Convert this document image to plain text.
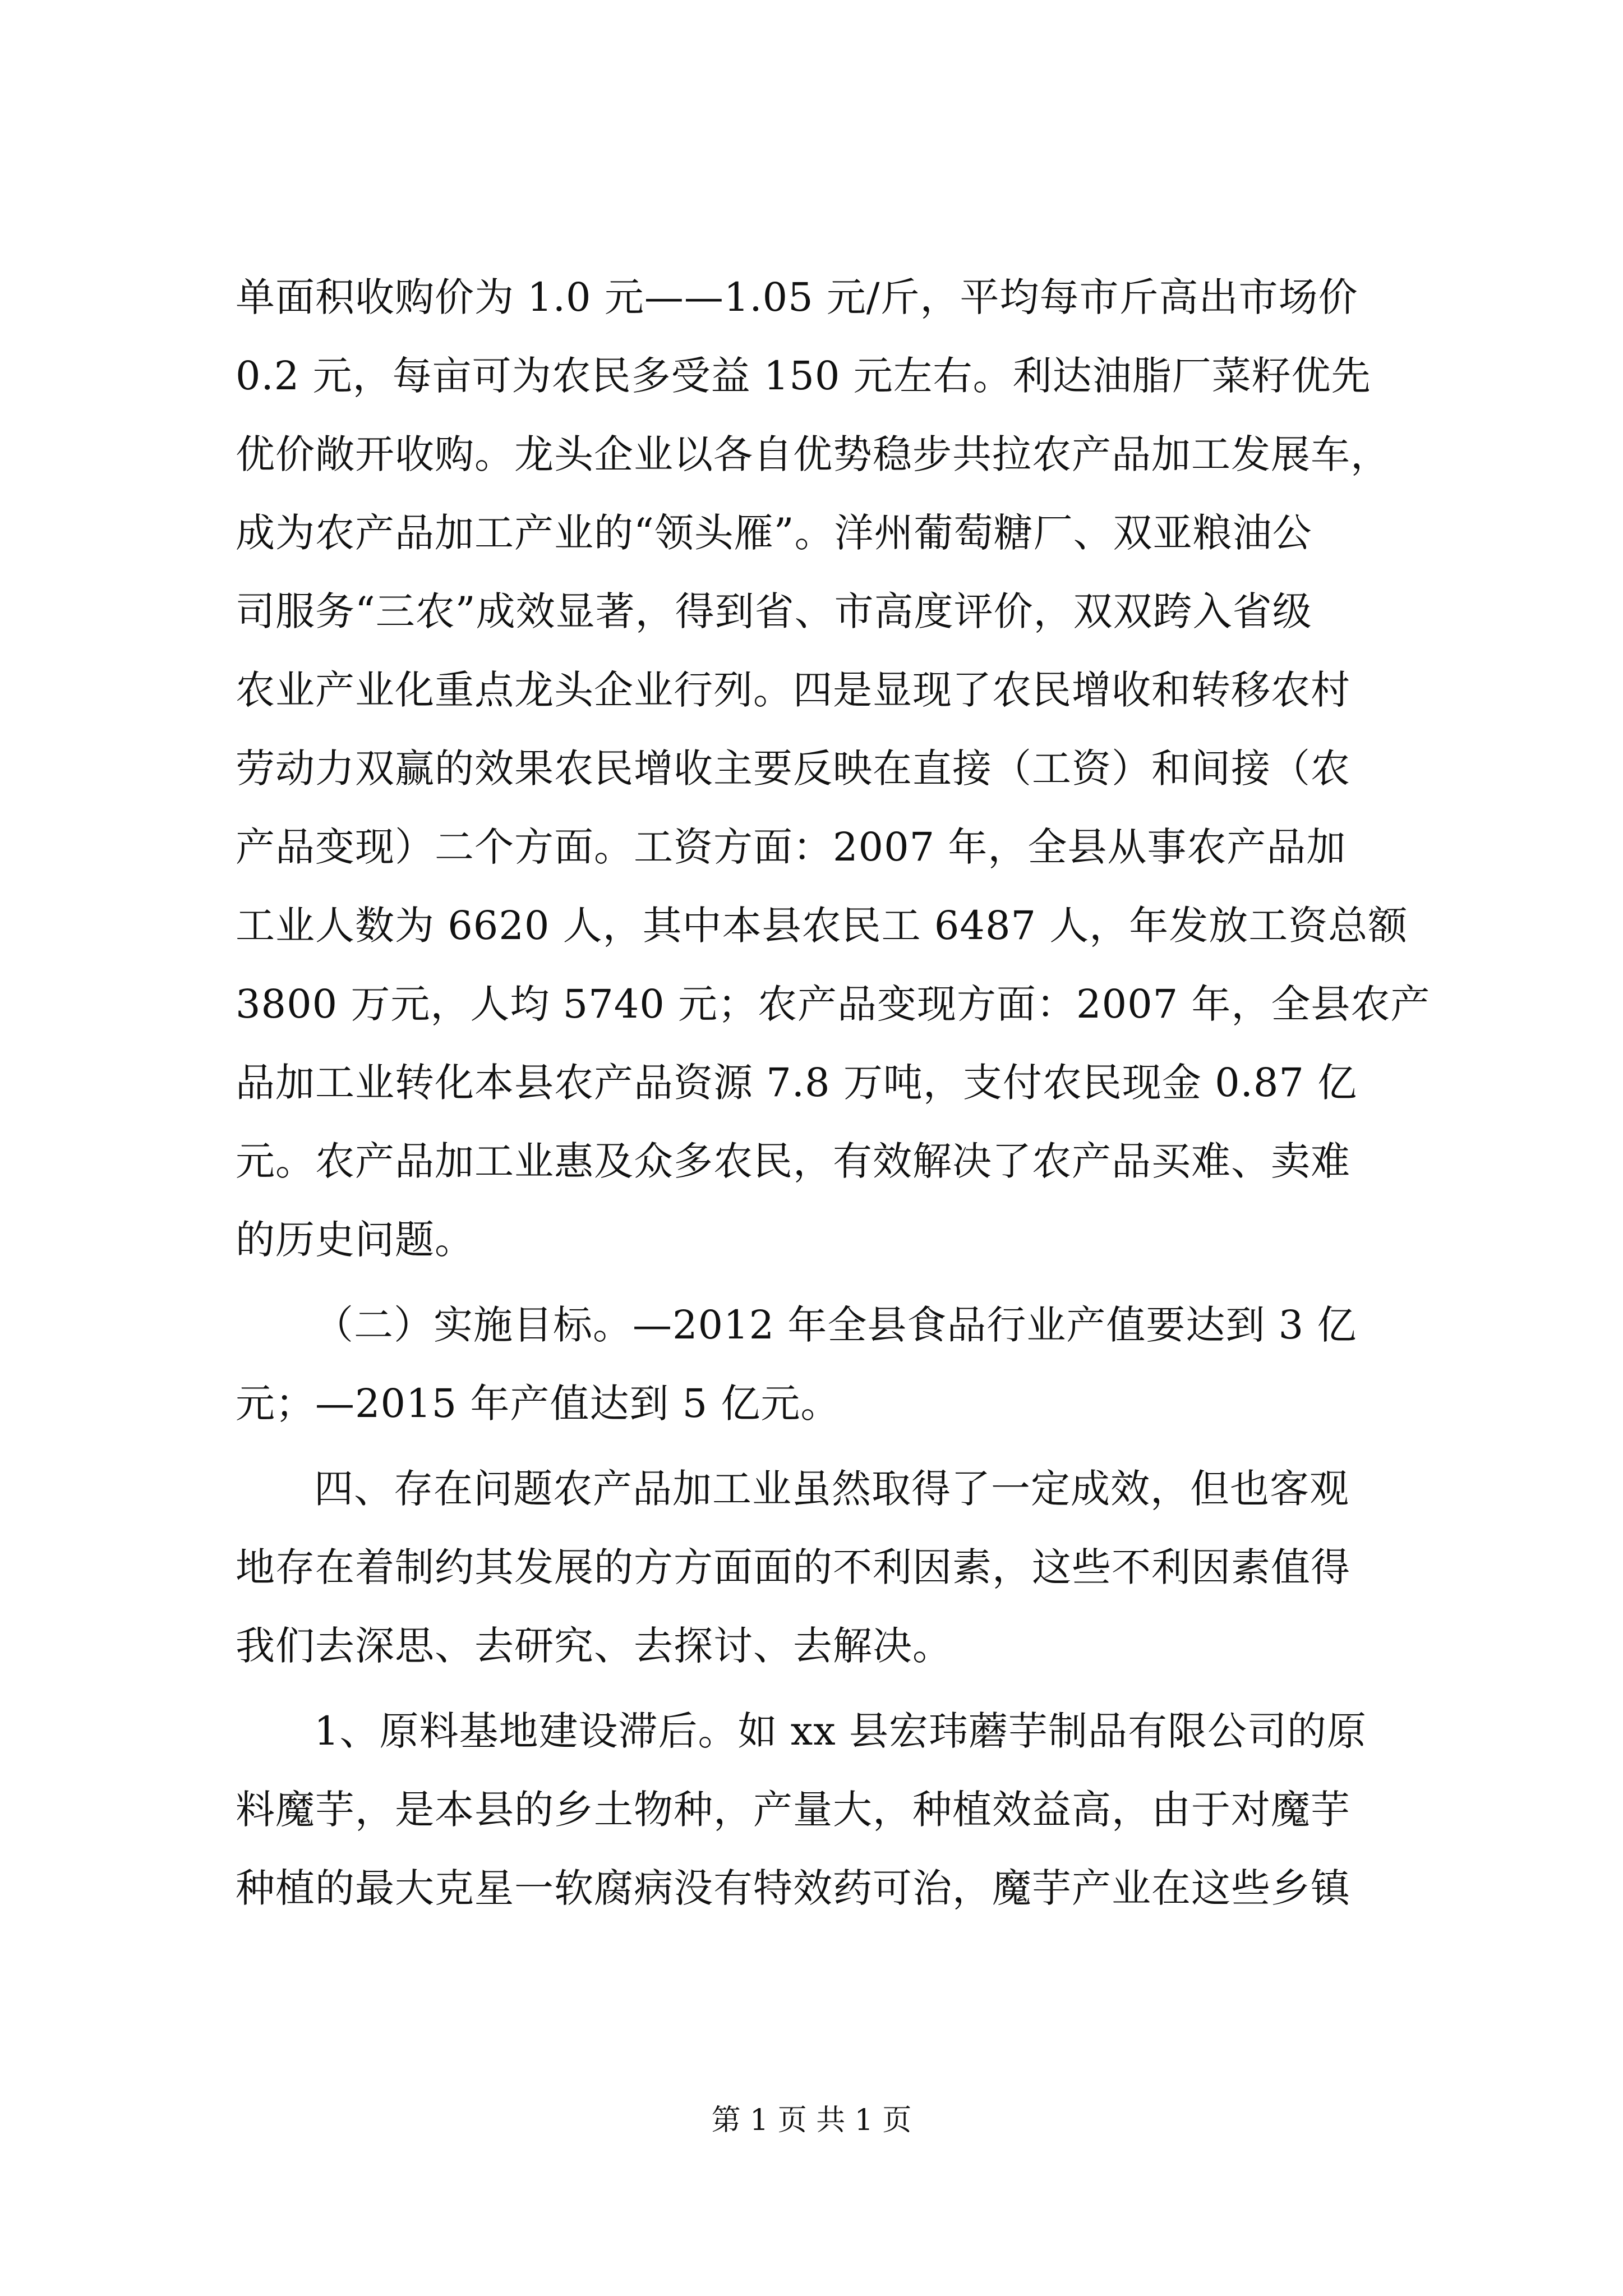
单面积收购价为 1.0 元——1.05 元/斤，平均每市斤高出市场价
0.2 元，每亩可为农民多受益 150 元左右。利达油脂厂菜籽优先
优价敞开收购。龙头企业以各自优势稳步共拉农产品加工发展车，
成为农产品加工产业的“领头雁”。洋州葡萄糖厂、双亚粮油公
司服务“三农”成效显著，得到省、市高度评价，双双跨入省级
农业产业化重点龙头企业行列。四是显现了农民增收和转移农村
劳动力双赢的效果农民增收主要反映在直接（工资）和间接（农
产品变现）二个方面。工资方面：2007 年，全县从事农产品加
工业人数为 6620 人，其中本县农民工 6487 人，年发放工资总额
3800 万元，人均 5740 元；农产品变现方面：2007 年，全县农产
品加工业转化本县农产品资源 7.8 万吨，支付农民现金 0.87 亿
元。农产品加工业惠及众多农民，有效解决了农产品买难、卖难
的历史问题。
（二）实施目标。—2012 年全县食品行业产值要达到 3 亿
元；—2015 年产值达到 5 亿元。
四、存在问题农产品加工业虽然取得了一定成效，但也客观
地存在着制约其发展的方方面面的不利因素，这些不利因素值得
我们去深思、去研究、去探讨、去解决。
1、原料基地建设滞后。如 xx 县宏玮蘑芋制品有限公司的原
料魔芋，是本县的乡土物种，产量大，种植效益高，由于对魔芋
种植的最大克星一软腐病没有特效药可治，魔芋产业在这些乡镇
第 1 页 共 1 页
